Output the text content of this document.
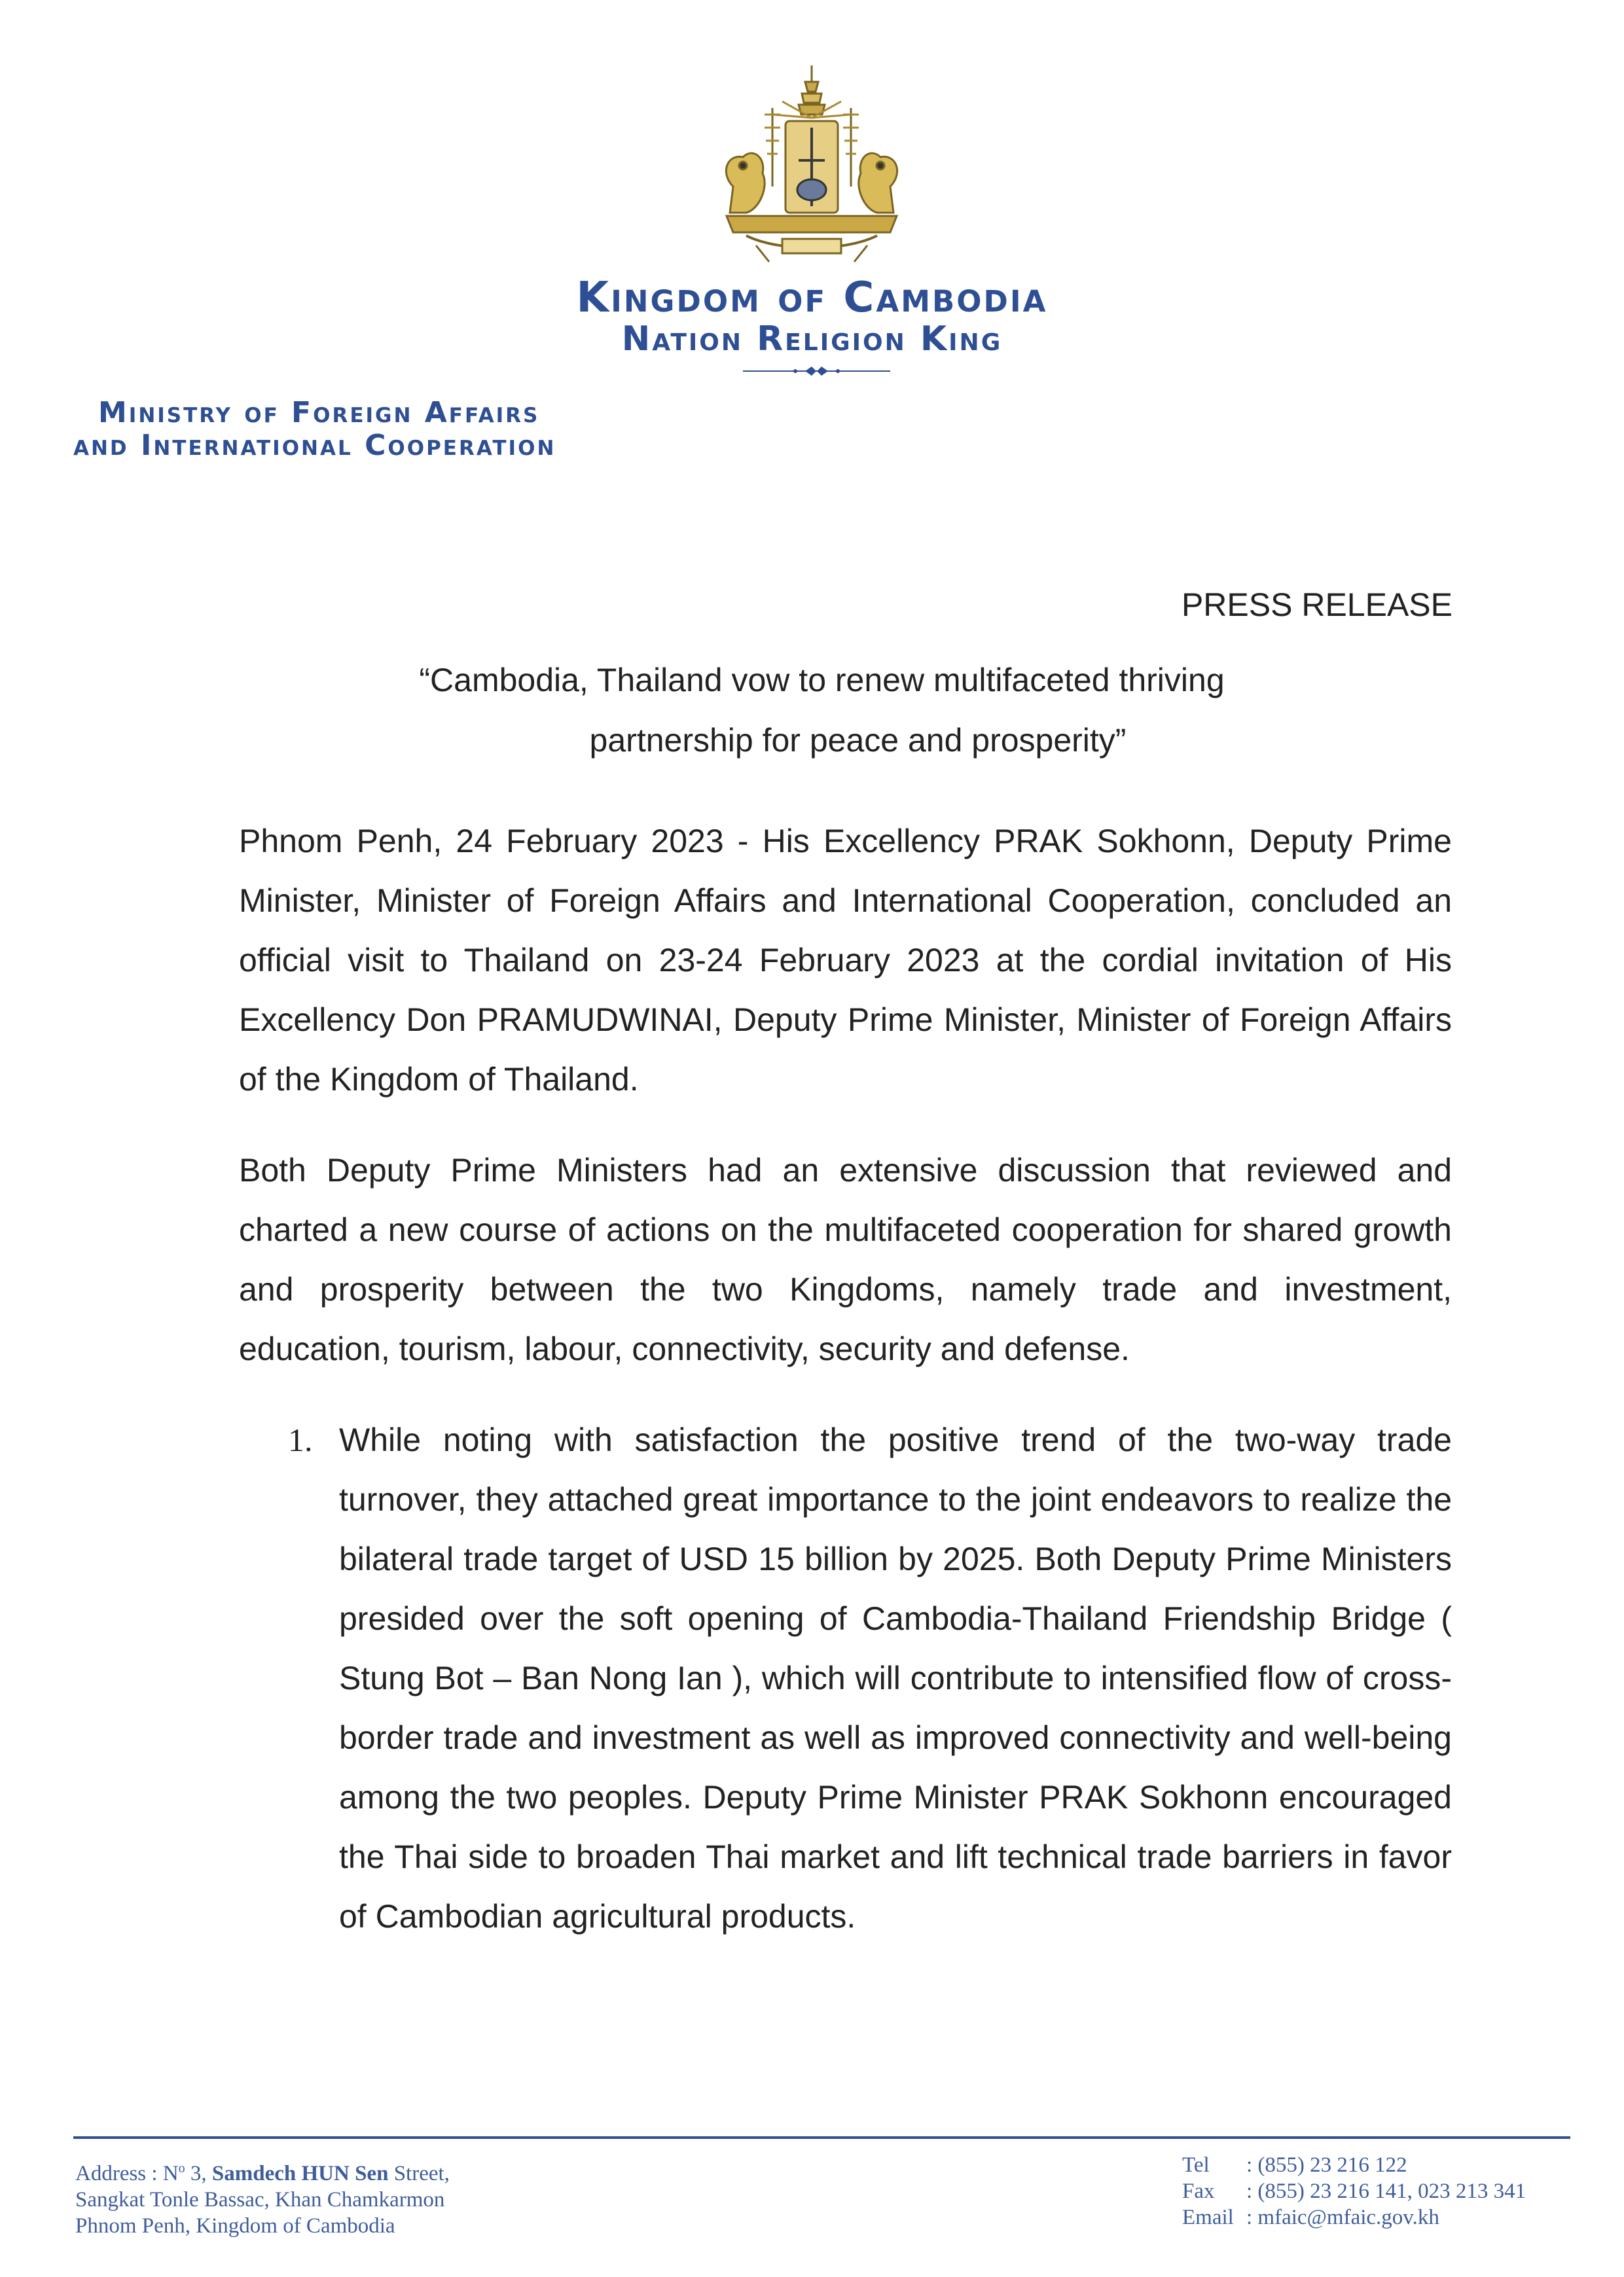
Kingdom of Cambodia
Nation Religion King
Ministry of Foreign Affairs
and International Cooperation
PRESS RELEASE
“Cambodia, Thailand vow to renew multifaceted thriving
partnership for peace and prosperity”
Phnom Penh, 24 February 2023 - His Excellency PRAK Sokhonn, Deputy Prime Minister, Minister of Foreign Affairs and International Cooperation, concluded an official visit to Thailand on 23-24 February 2023 at the cordial invitation of His Excellency Don PRAMUDWINAI, Deputy Prime Minister, Minister of Foreign Affairs of the Kingdom of Thailand.
Both Deputy Prime Ministers had an extensive discussion that reviewed and charted a new course of actions on the multifaceted cooperation for shared growth and prosperity between the two Kingdoms, namely trade and investment, education, tourism, labour, connectivity, security and defense.
1. While noting with satisfaction the positive trend of the two-way trade turnover, they attached great importance to the joint endeavors to realize the bilateral trade target of USD 15 billion by 2025. Both Deputy Prime Ministers presided over the soft opening of Cambodia-Thailand Friendship Bridge ( Stung Bot – Ban Nong Ian ), which will contribute to intensified flow of cross-border trade and investment as well as improved connectivity and well-being among the two peoples. Deputy Prime Minister PRAK Sokhonn encouraged the Thai side to broaden Thai market and lift technical trade barriers in favor of Cambodian agricultural products.
Address : $N^o$ 3, Samdech HUN Sen Street,
Sangkat Tonle Bassac, Khan Chamkarmon
Phnom Penh, Kingdom of Cambodia
Tel : (855) 23 216 122
Fax : (855) 23 216 141, 023 213 341
Email : mfaic@mfaic.gov.kh
